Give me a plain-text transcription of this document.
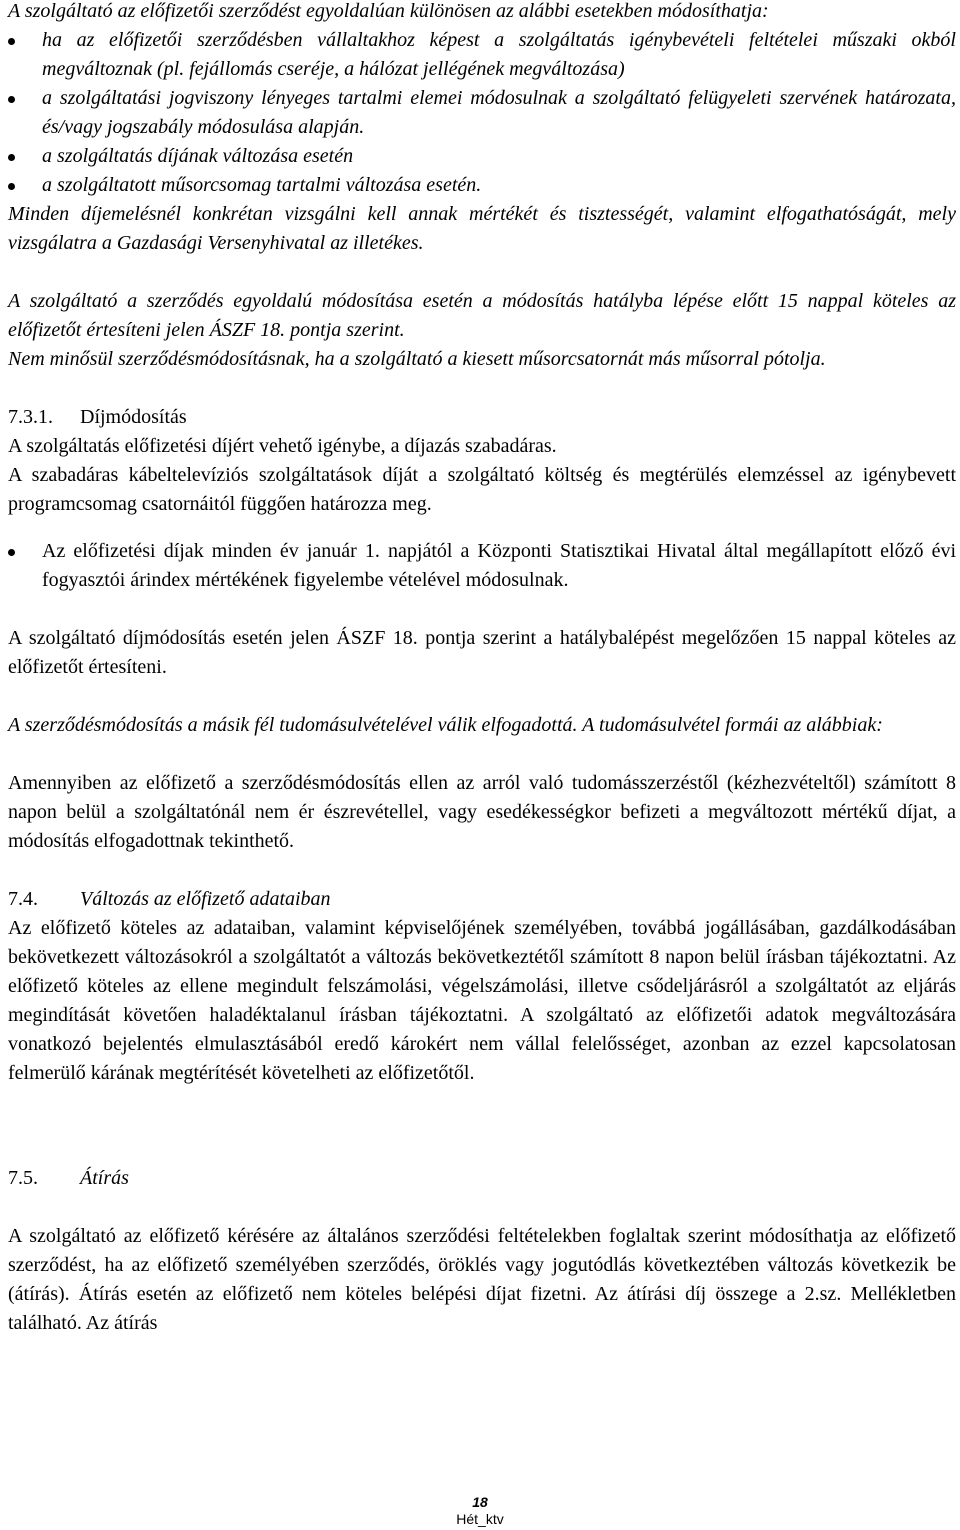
A szolgáltató az előfizetői szerződést egyoldalúan különösen az alábbi esetekben módosíthatja:

ha az előfizetői szerződésben vállaltakhoz képest a szolgáltatás igénybevételi feltételei műszaki okból megváltoznak (pl. fejállomás cseréje, a hálózat jellégének megváltozása)
a szolgáltatási jogviszony lényeges tartalmi elemei módosulnak a szolgáltató felügyeleti szervének határozata, és/vagy jogszabály módosulása alapján.
a szolgáltatás díjának változása esetén
a szolgáltatott műsorcsomag tartalmi változása esetén.

Minden díjemelésnél konkrétan vizsgálni kell annak mértékét és tisztességét, valamint elfogathatóságát, mely vizsgálatra a Gazdasági Versenyhivatal az illetékes.

A szolgáltató a szerződés egyoldalú módosítása esetén a módosítás hatályba lépése előtt 15 nappal köteles az előfizetőt értesíteni jelen ÁSZF 18. pontja szerint.

Nem minősül szerződésmódosításnak, ha a szolgáltató a kiesett műsorcsatornát más műsorral pótolja.

7.3.1.	Díjmódosítás

A szolgáltatás előfizetési díjért vehető igénybe, a díjazás szabadáras.

A szabadáras kábeltelevíziós szolgáltatások díját a szolgáltató költség és megtérülés elemzéssel az igénybevett programcsomag csatornáitól függően határozza meg.

Az előfizetési díjak minden év január 1. napjától a Központi Statisztikai Hivatal által megállapított előző évi fogyasztói árindex mértékének figyelembe vételével módosulnak.

A szolgáltató díjmódosítás esetén jelen ÁSZF 18. pontja szerint a hatálybalépést megelőzően 15 nappal köteles az előfizetőt értesíteni.

A szerződésmódosítás a másik fél tudomásulvételével válik elfogadottá. A tudomásulvétel formái az alábbiak:

Amennyiben az előfizető a szerződésmódosítás ellen az arról való tudomásszerzéstől (kézhezvételtől) számított 8 napon belül a szolgáltatónál nem ér észrevétellel, vagy esedékességkor befizeti a megváltozott mértékű díjat, a módosítás elfogadottnak tekinthető.

7.4.	Változás az előfizető adataiban

Az előfizető köteles az adataiban, valamint képviselőjének személyében, továbbá jogállásában, gazdálkodásában bekövetkezett változásokról a szolgáltatót a változás bekövetkeztétől számított 8 napon belül írásban tájékoztatni. Az előfizető köteles az ellene megindult felszámolási, végelszámolási, illetve csődeljárásról a szolgáltatót az eljárás megindítását követően haladéktalanul írásban tájékoztatni. A szolgáltató az előfizetői adatok megváltozására vonatkozó bejelentés elmulasztásából eredő károkért nem vállal felelősséget, azonban az ezzel kapcsolatosan felmerülő kárának megtérítését követelheti az előfizetőtől.

7.5.	Átírás

A szolgáltató az előfizető kérésére az általános szerződési feltételekben foglaltak szerint módosíthatja az előfizető szerződést, ha az előfizető személyében szerződés, öröklés vagy jogutódlás következtében változás következik be (átírás). Átírás esetén az előfizető nem köteles belépési díjat fizetni. Az átírási díj összege a 2.sz. Mellékletben található. Az átírás

18
Hét_ktv
